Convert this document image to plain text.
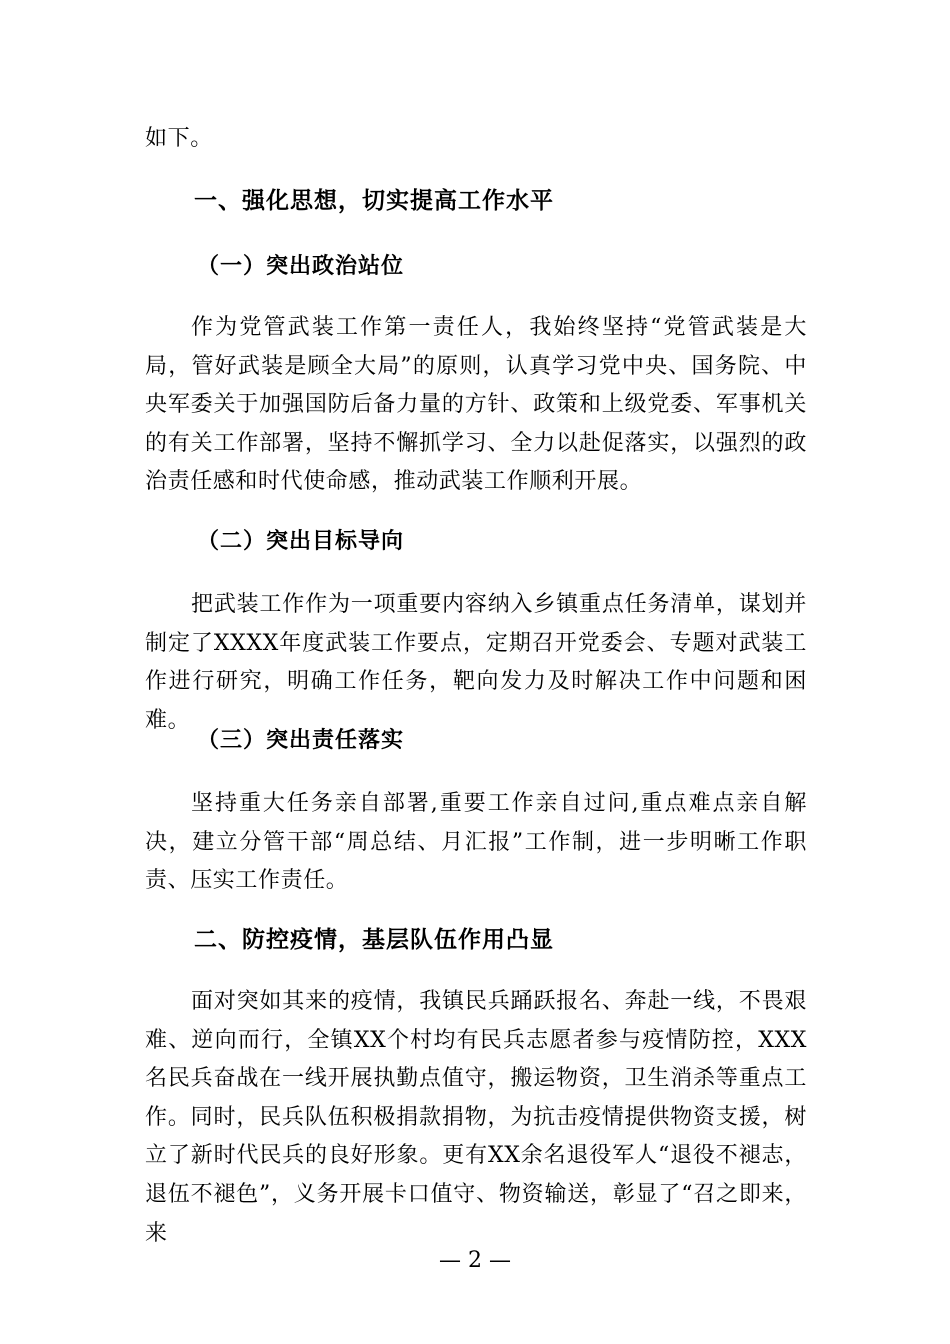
如下。

一、强化思想，切实提高工作水平
（一）突出政治站位

作为党管武装工作第一责任人，我始终坚持“党管武装是大局，管好武装是顾全大局”的原则，认真学习党中央、国务院、中央军委关于加强国防后备力量的方针、政策和上级党委、军事机关的有关工作部署，坚持不懈抓学习、全力以赴促落实，以强烈的政治责任感和时代使命感，推动武装工作顺利开展。

（二）突出目标导向

把武装工作作为一项重要内容纳入乡镇重点任务清单，谋划并制定了XXXX年度武装工作要点，定期召开党委会、专题对武装工作进行研究，明确工作任务，靶向发力及时解决工作中问题和困难。

（三）突出责任落实

坚持重大任务亲自部署,重要工作亲自过问,重点难点亲自解决，建立分管干部“周总结、月汇报”工作制，进一步明晰工作职责、压实工作责任。

二、防控疫情，基层队伍作用凸显

面对突如其来的疫情，我镇民兵踊跃报名、奔赴一线，不畏艰难、逆向而行，全镇XX个村均有民兵志愿者参与疫情防控，XXX名民兵奋战在一线开展执勤点值守，搬运物资，卫生消杀等重点工作。同时，民兵队伍积极捐款捐物，为抗击疫情提供物资支援，树立了新时代民兵的良好形象。更有XX余名退役军人“退役不褪志，退伍不褪色”，义务开展卡口值守、物资输送，彰显了“召之即来，来

— 2 —
